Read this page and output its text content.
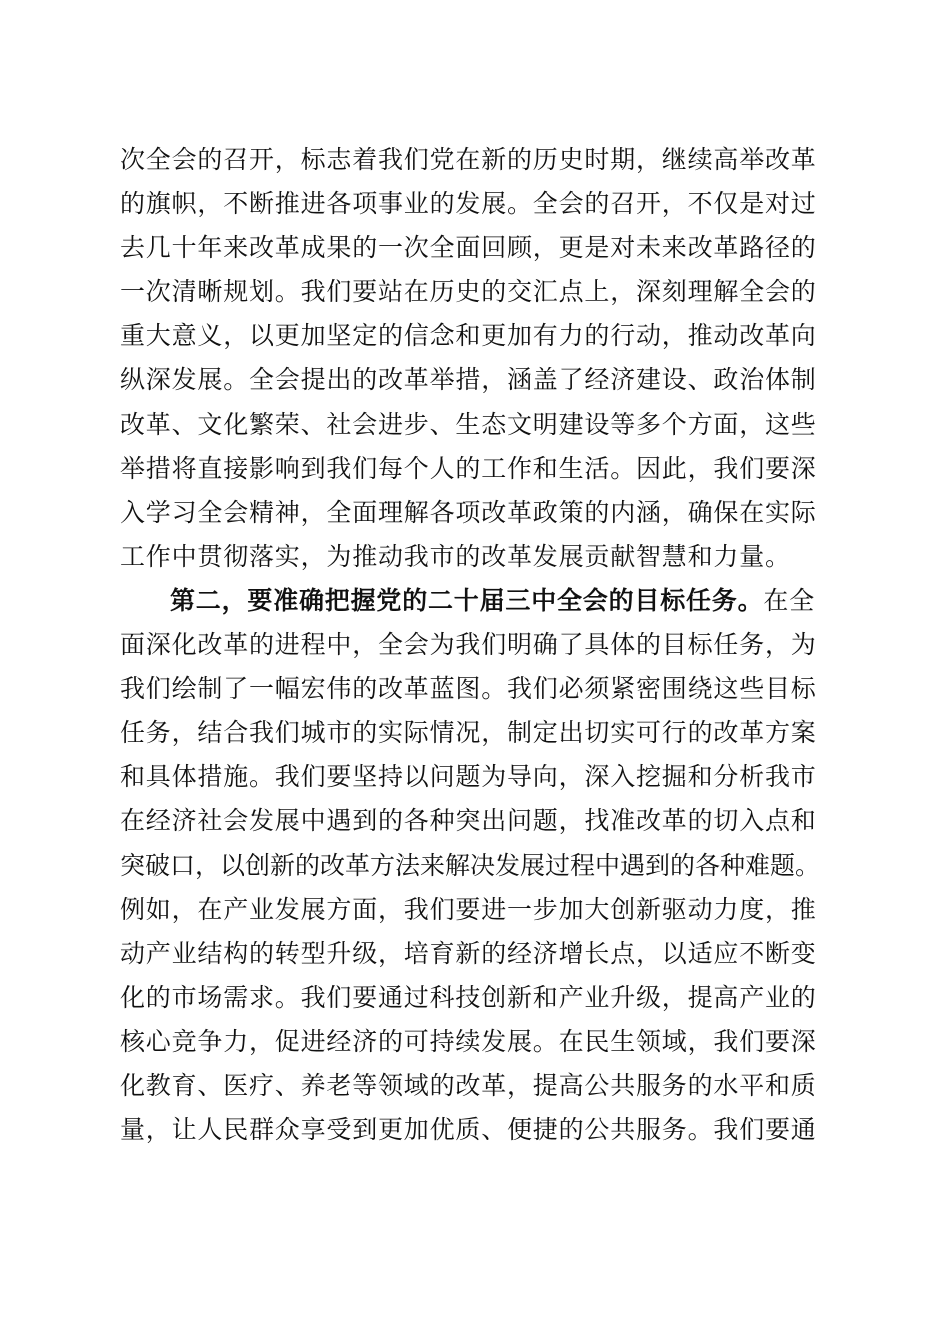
次全会的召开，标志着我们党在新的历史时期，继续高举改革
的旗帜，不断推进各项事业的发展。全会的召开，不仅是对过
去几十年来改革成果的一次全面回顾，更是对未来改革路径的
一次清晰规划。我们要站在历史的交汇点上，深刻理解全会的
重大意义，以更加坚定的信念和更加有力的行动，推动改革向
纵深发展。全会提出的改革举措，涵盖了经济建设、政治体制
改革、文化繁荣、社会进步、生态文明建设等多个方面，这些
举措将直接影响到我们每个人的工作和生活。因此，我们要深
入学习全会精神，全面理解各项改革政策的内涵，确保在实际
工作中贯彻落实，为推动我市的改革发展贡献智慧和力量。
第二，要准确把握党的二十届三中全会的目标任务。在全
面深化改革的进程中，全会为我们明确了具体的目标任务，为
我们绘制了一幅宏伟的改革蓝图。我们必须紧密围绕这些目标
任务，结合我们城市的实际情况，制定出切实可行的改革方案
和具体措施。我们要坚持以问题为导向，深入挖掘和分析我市
在经济社会发展中遇到的各种突出问题，找准改革的切入点和
突破口，以创新的改革方法来解决发展过程中遇到的各种难题。
例如，在产业发展方面，我们要进一步加大创新驱动力度，推
动产业结构的转型升级，培育新的经济增长点，以适应不断变
化的市场需求。我们要通过科技创新和产业升级，提高产业的
核心竞争力，促进经济的可持续发展。在民生领域，我们要深
化教育、医疗、养老等领域的改革，提高公共服务的水平和质
量，让人民群众享受到更加优质、便捷的公共服务。我们要通
